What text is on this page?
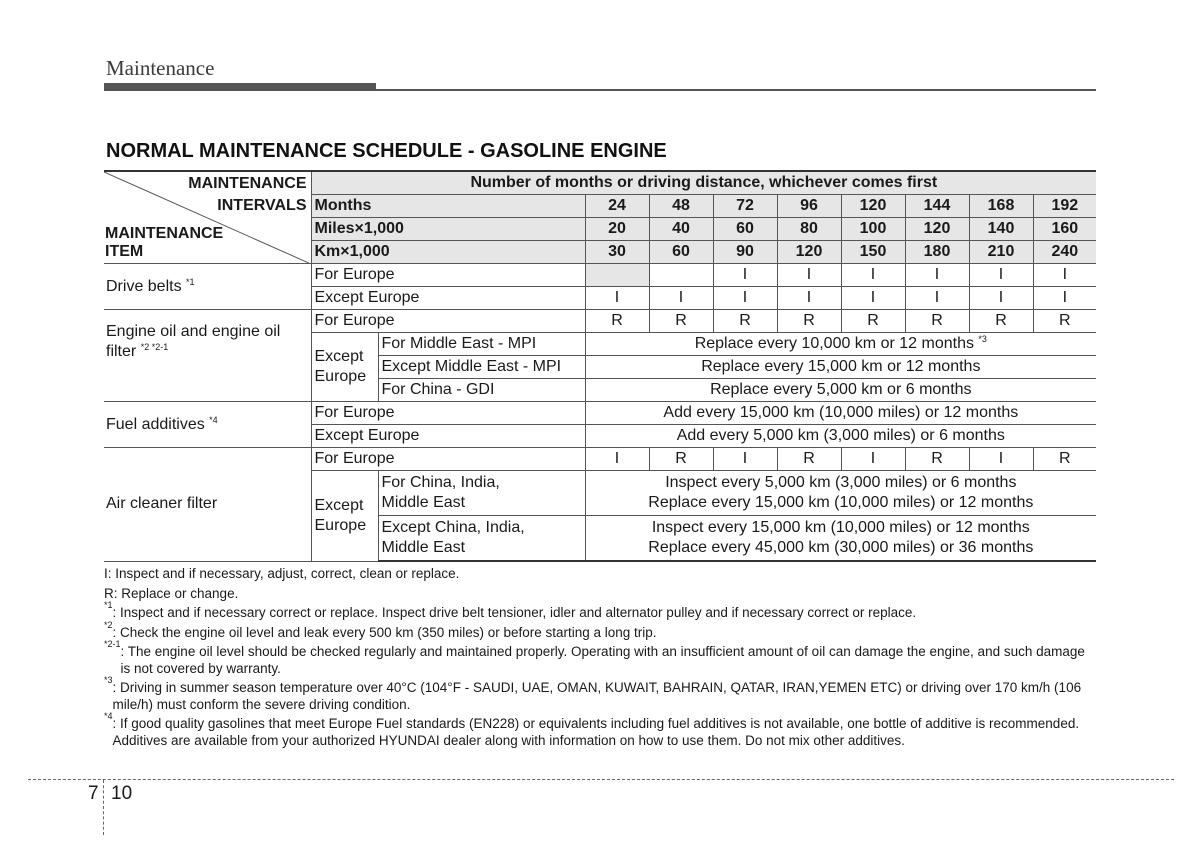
Maintenance
NORMAL MAINTENANCE SCHEDULE - GASOLINE ENGINE
MAINTENANCE
INTERVALS
MAINTENANCE
ITEM	Number of months or driving distance, whichever comes first									
	Months		24	48	72	96	120	144	168	192
	Miles×1,000		20	40	60	80	100	120	140	160
	Km×1,000		30	60	90	120	150	180	210	240
Drive belts $^{*1}$	For Europe				I	I	I	I	I	I
	Except Europe		I	I	I	I	I	I	I	I
Engine oil and engine oil
filter $^{*2 *2-1}$	For Europe		R	R	R	R	R	R	R	R
	Except
Europe	For Middle East - MPI	Replace every 10,000 km or 12 months $^{*3}$
		Except Middle East - MPI	Replace every 15,000 km or 12 months							
		For China - GDI	Replace every 5,000 km or 6 months							
Fuel additives $^{*4}$	For Europe		Add every 15,000 km (10,000 miles) or 12 months							
	Except Europe		Add every 5,000 km (3,000 miles) or 6 months							
Air cleaner filter	For Europe		I	R	I	R	I	R	I	R
	Except
Europe	For China, India,
Middle East	Inspect every 5,000 km (3,000 miles) or 6 months
Replace every 15,000 km (10,000 miles) or 12 months							
		Except China, India,
Middle East	Inspect every 15,000 km (10,000 miles) or 12 months
Replace every 45,000 km (30,000 miles) or 36 months							
I : Inspect and if necessary, adjust, correct, clean or replace.
R : Replace or change.
*1 : Inspect and if necessary correct or replace. Inspect drive belt tensioner, idler and alternator pulley and if necessary correct or replace.
*2 : Check the engine oil level and leak every 500 km (350 miles) or before starting a long trip.
*2-1 : The engine oil level should be checked regularly and maintained properly. Operating with an insufficient amount of oil can damage the engine, and such damage is not covered by warranty.
*3 : Driving in summer season temperature over 40°C (104°F - SAUDI, UAE, OMAN, KUWAIT, BAHRAIN, QATAR, IRAN,YEMEN ETC) or driving over 170 km/h (106 mile/h) must conform the severe driving condition.
*4 : If good quality gasolines that meet Europe Fuel standards (EN228) or equivalents including fuel additives is not available, one bottle of additive is recommended. Additives are available from your authorized HYUNDAI dealer along with information on how to use them. Do not mix other additives.
7 10
